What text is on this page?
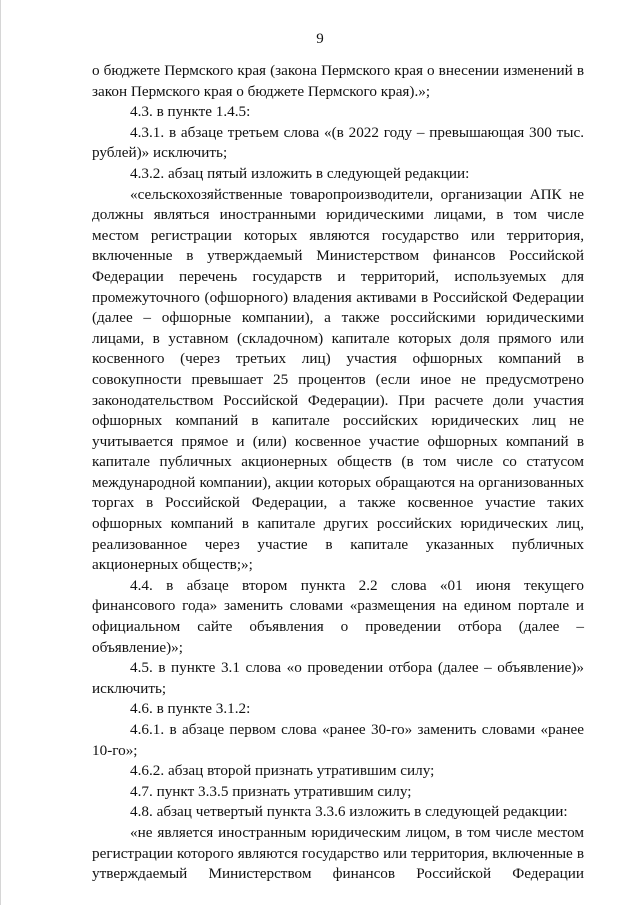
9

о бюджете Пермского края (закона Пермского края о внесении изменений в закон Пермского края о бюджете Пермского края).»;

4.3. в пункте 1.4.5:

4.3.1. в абзаце третьем слова «(в 2022 году – превышающая 300 тыс. рублей)» исключить;

4.3.2. абзац пятый изложить в следующей редакции:

«сельскохозяйственные товаропроизводители, организации АПК не должны являться иностранными юридическими лицами, в том числе местом регистрации которых являются государство или территория, включенные в утверждаемый Министерством финансов Российской Федерации перечень государств и территорий, используемых для промежуточного (офшорного) владения активами в Российской Федерации (далее – офшорные компании), а также российскими юридическими лицами, в уставном (складочном) капитале которых доля прямого или косвенного (через третьих лиц) участия офшорных компаний в совокупности превышает 25 процентов (если иное не предусмотрено законодательством Российской Федерации). При расчете доли участия офшорных компаний в капитале российских юридических лиц не учитывается прямое и (или) косвенное участие офшорных компаний в капитале публичных акционерных обществ (в том числе со статусом международной компании), акции которых обращаются на организованных торгах в Российской Федерации, а также косвенное участие таких офшорных компаний в капитале других российских юридических лиц, реализованное через участие в капитале указанных публичных акционерных обществ;»;

4.4. в абзаце втором пункта 2.2 слова «01 июня текущего финансового года» заменить словами «размещения на едином портале и официальном сайте объявления о проведении отбора (далее – объявление)»;

4.5. в пункте 3.1 слова «о проведении отбора (далее – объявление)» исключить;

4.6. в пункте 3.1.2:

4.6.1. в абзаце первом слова «ранее 30-го» заменить словами «ранее 10-го»;

4.6.2. абзац второй признать утратившим силу;

4.7. пункт 3.3.5 признать утратившим силу;

4.8. абзац четвертый пункта 3.3.6 изложить в следующей редакции:

«не является иностранным юридическим лицом, в том числе местом регистрации которого являются государство или территория, включенные в утверждаемый Министерством финансов Российской Федерации
